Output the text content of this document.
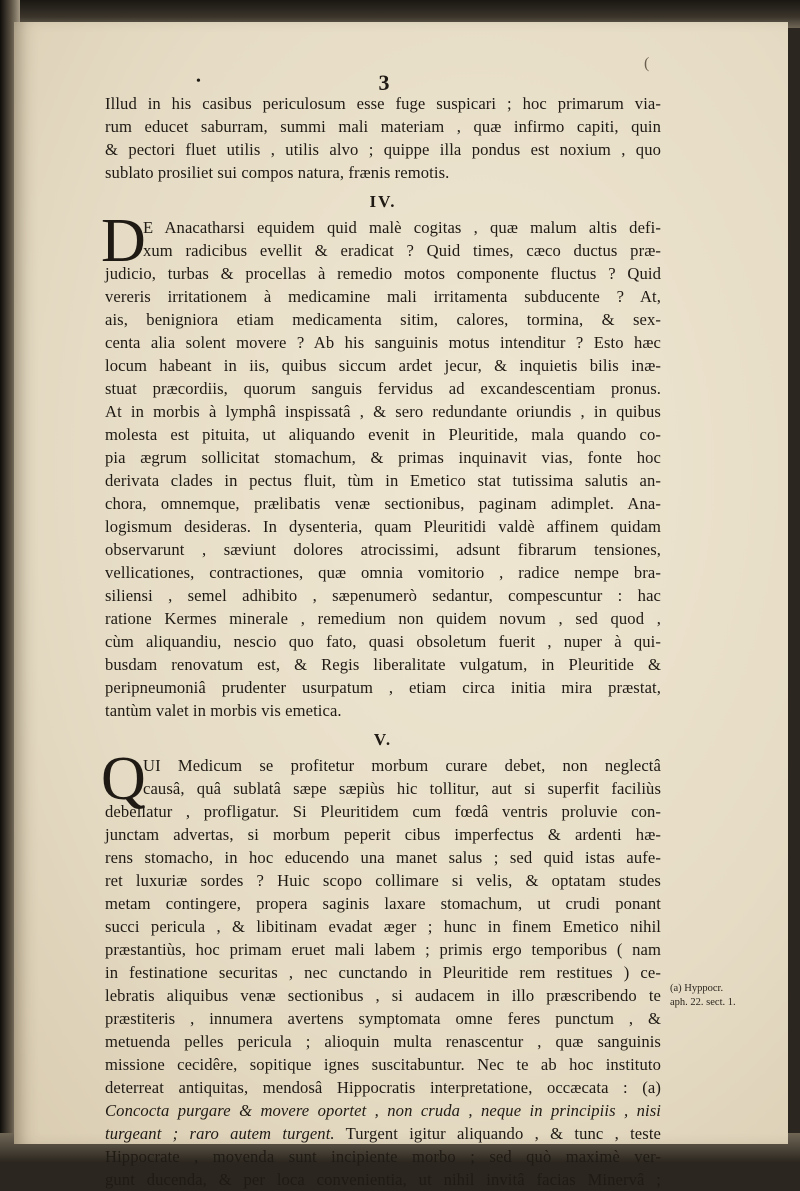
•	3
(
Illud in his casibus periculosum esse fuge suspicari ; hoc primarum via-
rum educet saburram, summi mali materiam , quæ infirmo capiti, quin
& pectori fluet utilis , utilis alvo ; quippe illa pondus est noxium , quo
sublato prosiliet sui compos natura, frænis remotis.
IV.
D
E Anacatharsi equidem quid malè cogitas , quæ malum altis defi-
xum radicibus evellit & eradicat ? Quid times, cæco ductus præ-
judicio, turbas & procellas à remedio motos componente fluctus ? Quid
vereris irritationem à medicamine mali irritamenta subducente ? At,
ais, benigniora etiam medicamenta sitim, calores, tormina, & sex-
centa alia solent movere ? Ab his sanguinis motus intenditur ? Esto hæc
locum habeant in iis, quibus siccum ardet jecur, & inquietis bilis inæ-
stuat præcordiis, quorum sanguis fervidus ad excandescentiam pronus.
At in morbis à lymphâ inspissatâ , & sero redundante oriundis , in quibus
molesta est pituita, ut aliquando evenit in Pleuritide, mala quando co-
pia ægrum sollicitat stomachum, & primas inquinavit vias, fonte hoc
derivata clades in pectus fluit, tùm in Emetico stat tutissima salutis an-
chora, omnemque, prælibatis venæ sectionibus, paginam adimplet. Ana-
logismum desideras. In dysenteria, quam Pleuritidi valdè affinem quidam
observarunt , sæviunt dolores atrocissimi, adsunt fibrarum tensiones,
vellicationes, contractiones, quæ omnia vomitorio , radice nempe bra-
siliensi , semel adhibito , sæpenumerò sedantur, compescuntur : hac
ratione Kermes minerale , remedium non quidem novum , sed quod ,
cùm aliquandiu, nescio quo fato, quasi obsoletum fuerit , nuper à qui-
busdam renovatum est, & Regis liberalitate vulgatum, in Pleuritide &
peripneumoniâ prudenter usurpatum , etiam circa initia mira præstat,
tantùm valet in morbis vis emetica.
V.
Q
UI Medicum se profitetur morbum curare debet, non neglectâ
causâ, quâ sublatâ sæpe sæpiùs hic tollitur, aut si superfit faciliùs
debellatur , profligatur. Si Pleuritidem cum fœdâ ventris proluvie con-
junctam advertas, si morbum peperit cibus imperfectus & ardenti hæ-
rens stomacho, in hoc educendo una manet salus ; sed quid istas aufe-
ret luxuriæ sordes ? Huic scopo collimare si velis, & optatam studes
metam contingere, propera saginis laxare stomachum, ut crudi ponant
succi pericula , & libitinam evadat æger ; hunc in finem Emetico nihil
præstantiùs, hoc primam eruet mali labem ; primis ergo temporibus ( nam
in festinatione securitas , nec cunctando in Pleuritide rem restitues ) ce-
lebratis aliquibus venæ sectionibus , si audacem in illo præscribendo te
præstiteris , innumera avertens symptomata omne feres punctum , &
metuenda pelles pericula ; alioquin multa renascentur , quæ sanguinis
missione cecidêre, sopitique ignes suscitabuntur. Nec te ab hoc instituto
deterreat antiquitas, mendosâ Hippocratis interpretatione, occæcata : (a)
Concocta purgare & movere oportet , non cruda , neque in principiis , nisi
turgeant ; raro autem turgent. Turgent igitur aliquando , & tunc , teste
Hippocrate , movenda sunt incipiente morbo ; sed quò maximè ver-
gunt ducenda, & per loca convenientia, ut nihil invitâ facias Minervâ ;
(a) Hyppocr.
aph. 22. sect. 1.
